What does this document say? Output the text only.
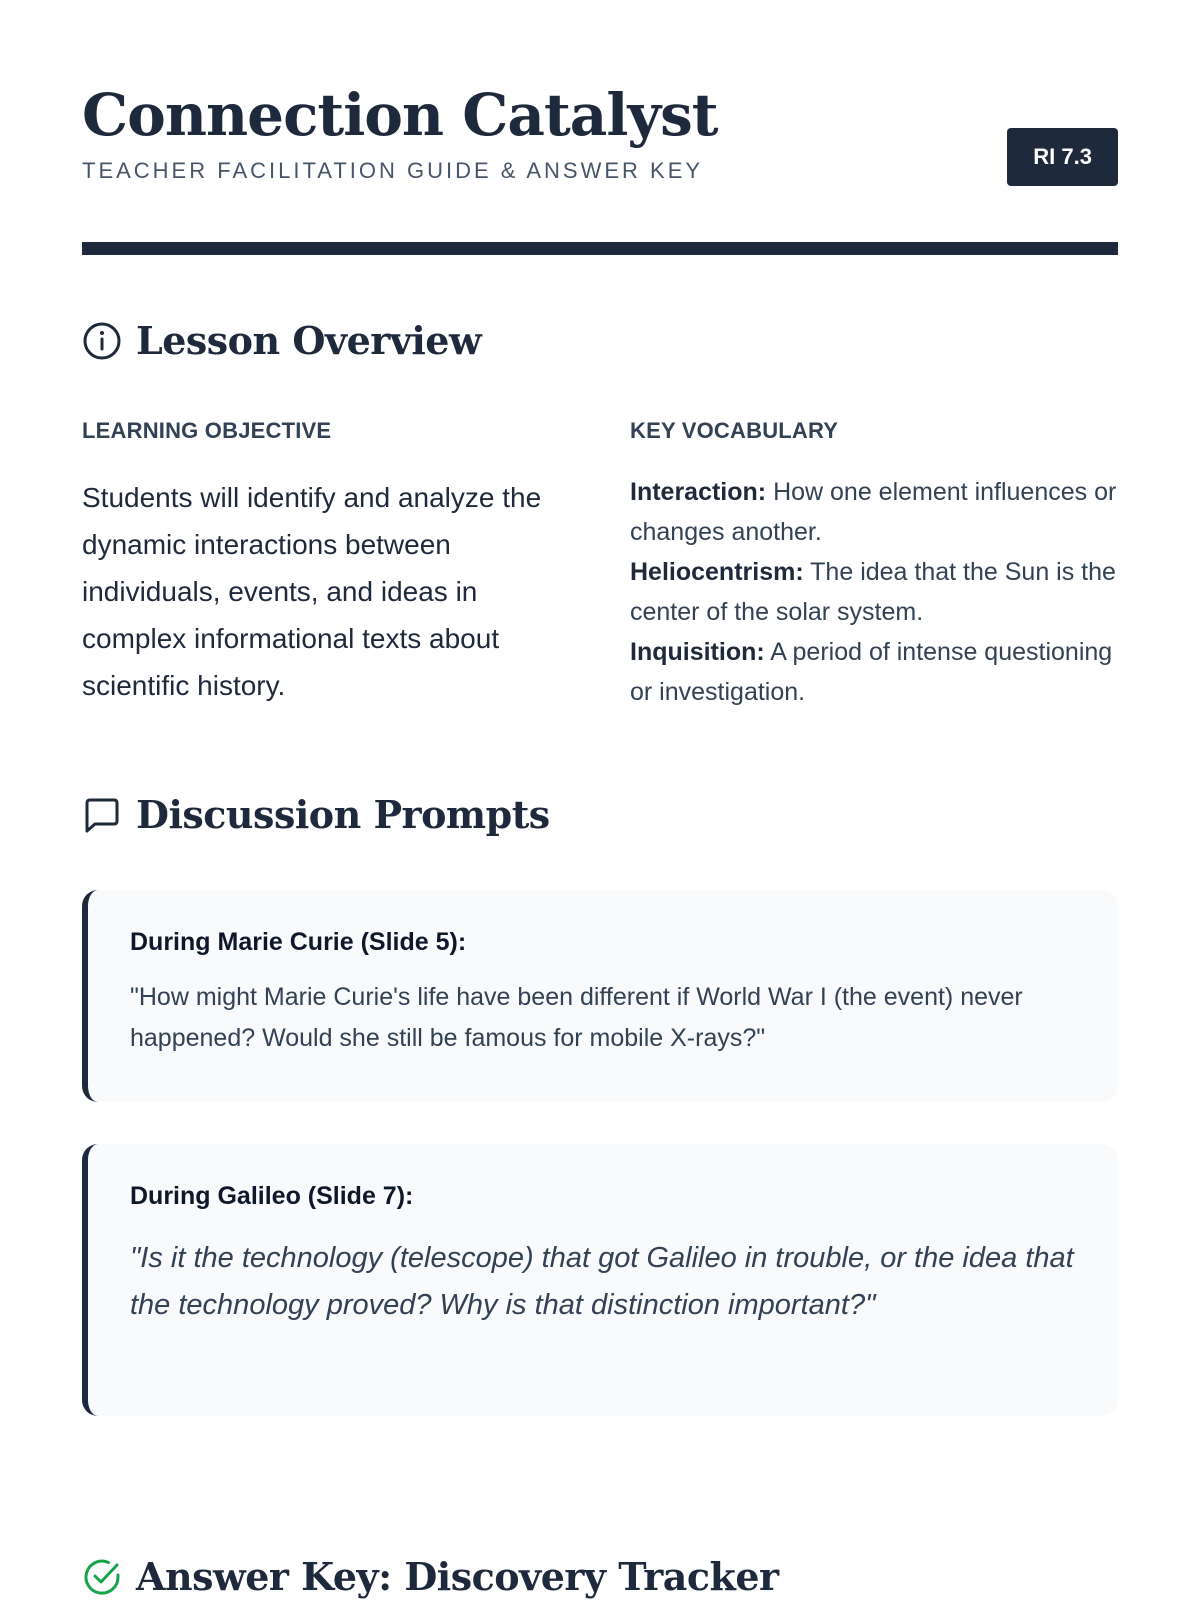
Connection Catalyst
TEACHER FACILITATION GUIDE & ANSWER KEY
RI 7.3
Lesson Overview
LEARNING OBJECTIVE

Students will identify and analyze the dynamic interactions between individuals, events, and ideas in complex informational texts about scientific history.

KEY VOCABULARY
Interaction: How one element influences or changes another.
Heliocentrism: The idea that the Sun is the center of the solar system.
Inquisition: A period of intense questioning or investigation.
Discussion Prompts
During Marie Curie (Slide 5):

"How might Marie Curie's life have been different if World War I (the event) never happened? Would she still be famous for mobile X-rays?"

During Galileo (Slide 7):

"Is it the technology (telescope) that got Galileo in trouble, or the idea that the technology proved? Why is that distinction important?"

Answer Key: Discovery Tracker
